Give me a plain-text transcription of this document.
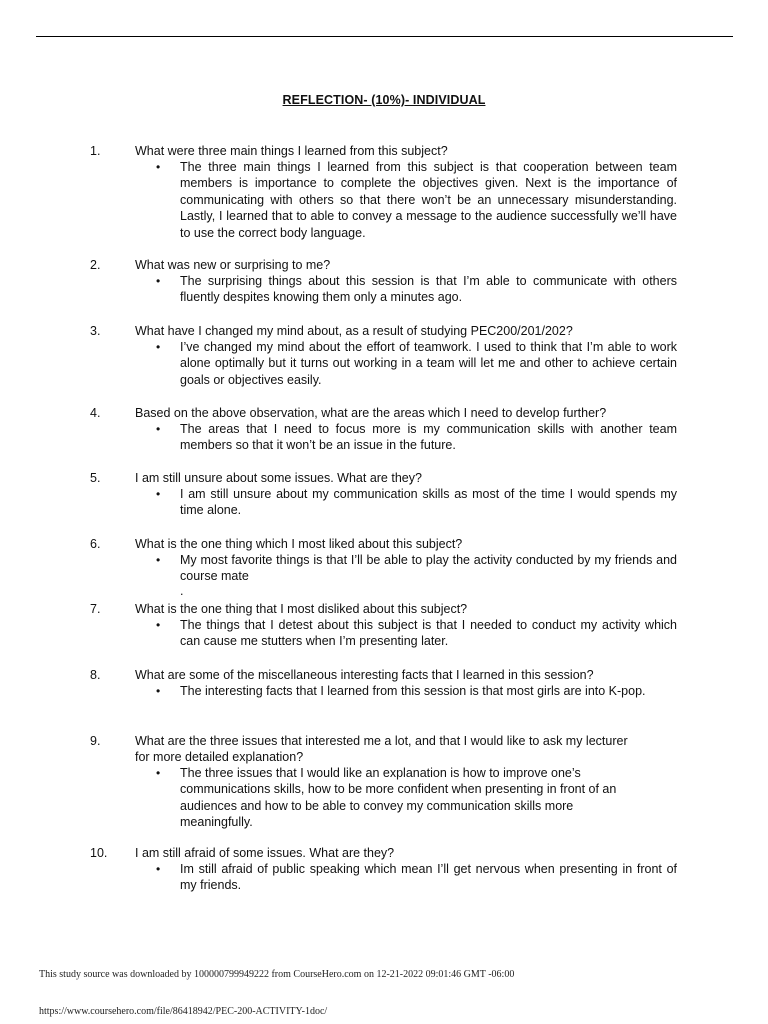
REFLECTION- (10%)- INDIVIDUAL
1.	What were three main things I learned from this subject?
• The three main things I learned from this subject is that cooperation between team members is importance to complete the objectives given. Next is the importance of communicating with others so that there won’t be an unnecessary misunderstanding. Lastly, I learned that to able to convey a message to the audience successfully we’ll have to use the correct body language.
2.	What was new or surprising to me?
• The surprising things about this session is that I’m able to communicate with others fluently despites knowing them only a minutes ago.
3.	What have I changed my mind about, as a result of studying PEC200/201/202?
• I’ve changed my mind about the effort of teamwork. I used to think that I’m able to work alone optimally but it turns out working in a team will let me and other to achieve certain goals or objectives easily.
4.	Based on the above observation, what are the areas which I need to develop further?
• The areas that I need to focus more is my communication skills with another team members so that it won’t be an issue in the future.
5.	I am still unsure about some issues. What are they?
• I am still unsure about my communication skills as most of the time I would spends my time alone.
6.	What is the one thing which I most liked about this subject?
• My most favorite things is that I’ll be able to play the activity conducted by my friends and course mate
.
7.	What is the one thing that I most disliked about this subject?
• The things that I detest about this subject is that I needed to conduct my activity which can cause me stutters when I’m presenting later.
8.	What are some of the miscellaneous interesting facts that I learned in this session?
• The interesting facts that I learned from this session is that most girls are into K-pop.
9.	What are the three issues that interested me a lot, and that I would like to ask my lecturer for more detailed explanation?
• The three issues that I would like an explanation is how to improve one’s communications skills, how to be more confident when presenting in front of an audiences and how to be able to convey my communication skills more meaningfully.
10.	I am still afraid of some issues. What are they?
• Im still afraid of public speaking which mean I’ll get nervous when presenting in front of my friends.
This study source was downloaded by 100000799949222 from CourseHero.com on 12-21-2022 09:01:46 GMT -06:00
https://www.coursehero.com/file/86418942/PEC-200-ACTIVITY-1doc/
